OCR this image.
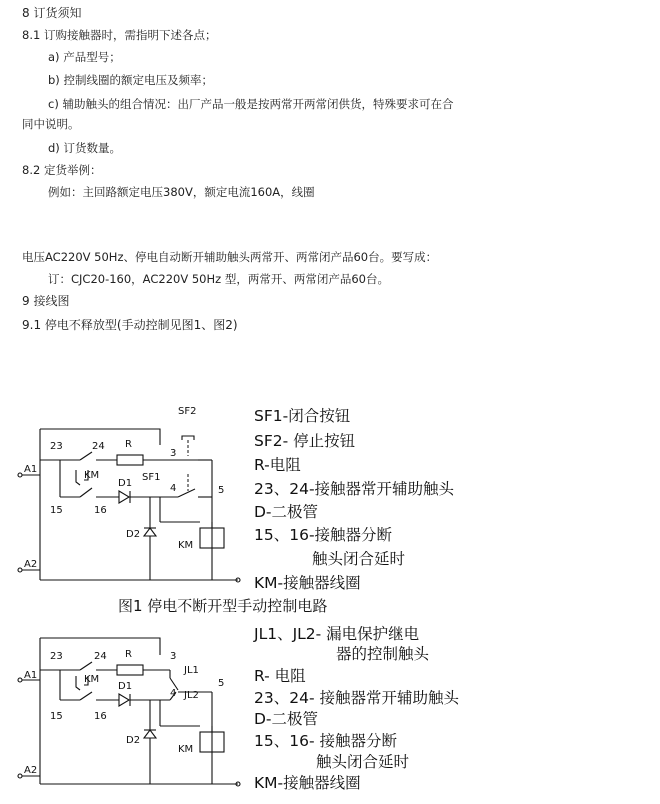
8 订货须知
8.1 订购接触器时，需指明下述各点；
a) 产品型号；
b) 控制线圈的额定电压及频率；
c) 辅助触头的组合情况：出厂产品一般是按两常开两常闭供货，特殊要求可在合
同中说明。
d) 订货数量。
8.2 定货举例：
例如：主回路额定电压380V，额定电流160A，线圈
电压AC220V 50Hz、停电自动断开辅助触头两常开、两常闭产品60台。要写成：
订：CJC20-160，AC220V 50Hz 型，两常开、两常闭产品60台。
9 接线图
9.1 停电不释放型(手动控制见图1、图2)
SF2
23	24 R
3
A1
KM
D1
SF1
4	5
15	16
D2
KM
A2
SF1-闭合按钮
SF2- 停止按钮
R-电阻
23、24-接触器常开辅助触头
D-二极管
15、16-接触器分断
触头闭合延时
KM-接触器线圈
图1 停电不断开型手动控制电路
23	24 R	3
JL1
A1	KM
D1
4 JL2
5
15	16
D2
KM
A2
JL1、JL2- 漏电保护继电
器的控制触头
R- 电阻
23、24- 接触器常开辅助触头
D-二极管
15、16- 接触器分断
触头闭合延时
KM-接触器线圈
